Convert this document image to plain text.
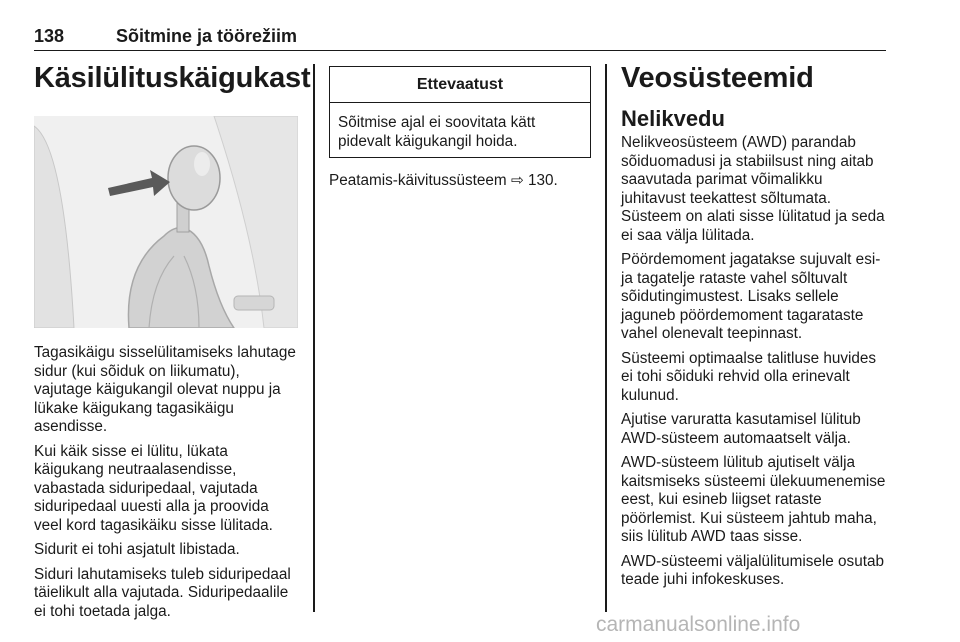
138	Sõitmine ja töörežiim
Käsilülituskäigukast

Tagasikäigu sisselülitamiseks lahutage sidur (kui sõiduk on liikumatu), vajutage käigukangil olevat nuppu ja lükake käigukang tagasikäigu asendisse.

Kui käik sisse ei lülitu, lükata käigukang neutraalasendisse, vabastada siduripedaal, vajutada siduripedaal uuesti alla ja proovida veel kord tagasikäiku sisse lülitada.

Sidurit ei tohi asjatult libistada.

Siduri lahutamiseks tuleb siduripedaal täielikult alla vajutada. Siduripedaalile ei tohi toetada jalga.

Ettevaatust
Sõitmise ajal ei soovitata kätt pidevalt käigukangil hoida.

Peatamis-käivitussüsteem ⇨ 130.

Veosüsteemid
Nelikvedu

Nelikveosüsteem (AWD) parandab sõiduomadusi ja stabiilsust ning aitab saavutada parimat võimalikku juhitavust teekattest sõltumata. Süsteem on alati sisse lülitatud ja seda ei saa välja lülitada.

Pöördemoment jagatakse sujuvalt esi- ja tagatelje rataste vahel sõltuvalt sõidutingimustest. Lisaks sellele jaguneb pöördemoment tagarataste vahel olenevalt teepinnast.

Süsteemi optimaalse talitluse huvides ei tohi sõiduki rehvid olla erinevalt kulunud.

Ajutise varuratta kasutamisel lülitub AWD-süsteem automaatselt välja.

AWD-süsteem lülitub ajutiselt välja kaitsmiseks süsteemi ülekuumenemise eest, kui esineb liigset rataste pöörlemist. Kui süsteem jahtub maha, siis lülitub AWD taas sisse.

AWD-süsteemi väljalülitumisele osutab teade juhi infokeskuses.

carmanualsonline.info
